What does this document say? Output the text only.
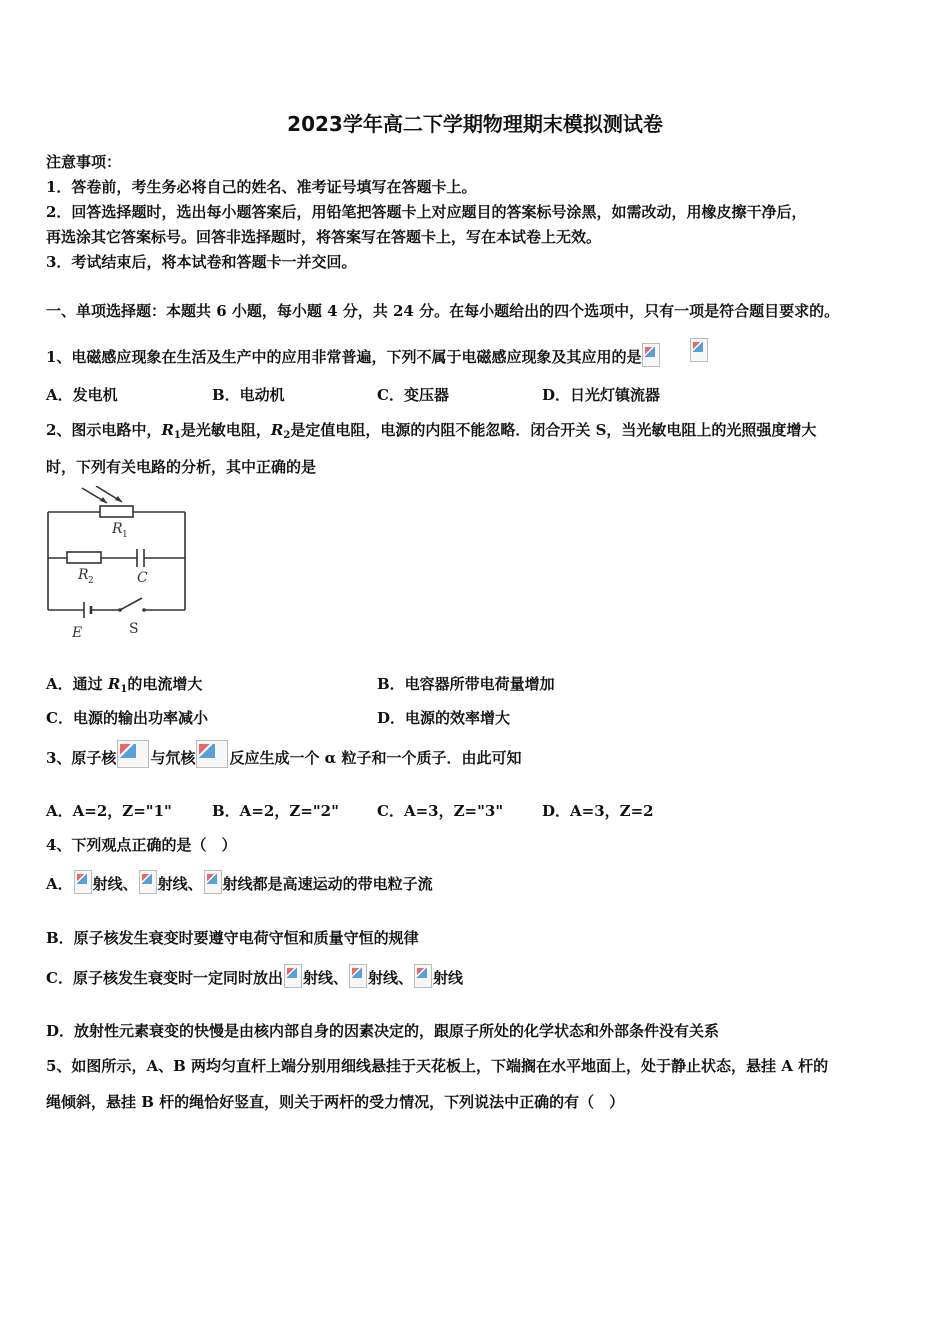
2023学年高二下学期物理期末模拟测试卷
注意事项：
1．答卷前，考生务必将自己的姓名、准考证号填写在答题卡上。
2．回答选择题时，选出每小题答案后，用铅笔把答题卡上对应题目的答案标号涂黑，如需改动，用橡皮擦干净后，
再选涂其它答案标号。回答非选择题时，将答案写在答题卡上，写在本试卷上无效。
3．考试结束后，将本试卷和答题卡一并交回。
一、单项选择题：本题共 6 小题，每小题 4 分，共 24 分。在每小题给出的四个选项中，只有一项是符合题目要求的。
1、电磁感应现象在生活及生产中的应用非常普遍，下列不属于电磁感应现象及其应用的是
A．发电机	B．电动机	C．变压器	D．日光灯镇流器
2、图示电路中，$R_1$是光敏电阻，$R_2$是定值电阻，电源的内阻不能忽略．闭合开关 S，当光敏电阻上的光照强度增大
时，下列有关电路的分析，其中正确的是
R 1
R 2	C
E	S
A．通过 $R_1$的电流增大	B．电容器所带电荷量增加
C．电源的输出功率减小	D．电源的效率增大
3、原子核 与氘核 反应生成一个 α 粒子和一个质子．由此可知
A．A=2，Z="1"	B．A=2，Z="2"	C．A=3，Z="3"	D．A=3，Z=2
4、下列观点正确的是（　）
A． 射线、 射线、 射线都是高速运动的带电粒子流
B．原子核发生衰变时要遵守电荷守恒和质量守恒的规律
C．原子核发生衰变时一定同时放出 射线、 射线、 射线
D．放射性元素衰变的快慢是由核内部自身的因素决定的，跟原子所处的化学状态和外部条件没有关系
5、如图所示，A、B 两均匀直杆上端分别用细线悬挂于天花板上，下端搁在水平地面上，处于静止状态，悬挂 A 杆的
绳倾斜，悬挂 B 杆的绳恰好竖直，则关于两杆的受力情况，下列说法中正确的有（　）
